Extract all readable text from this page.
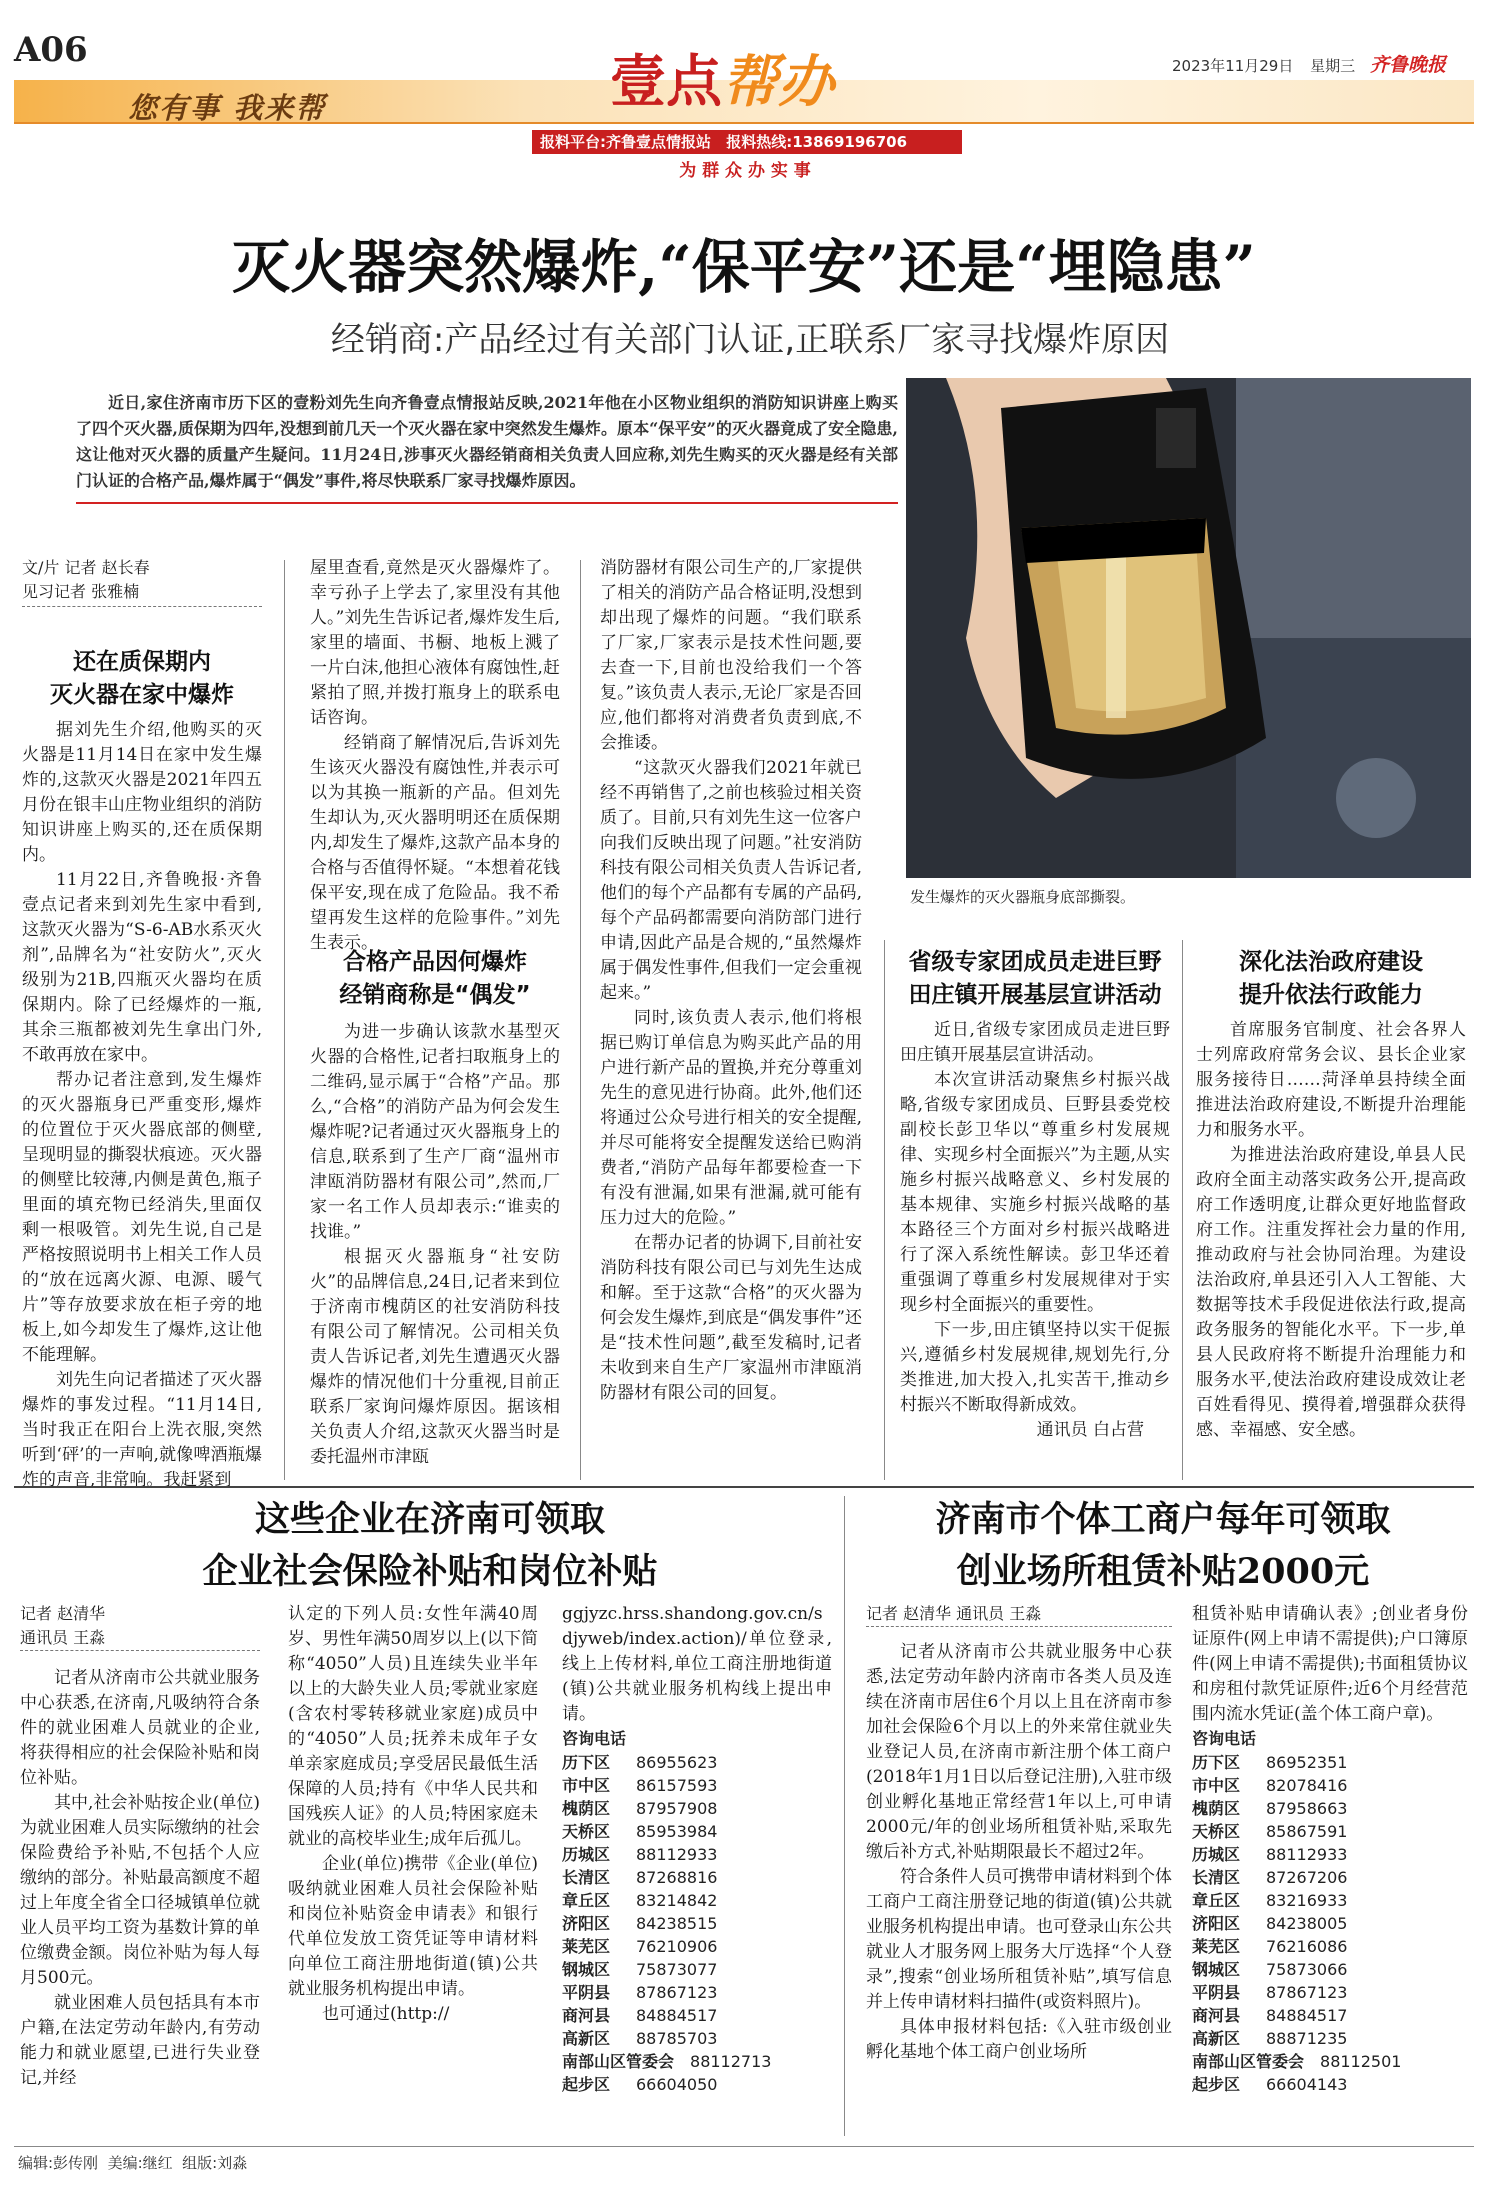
A06	2023年11月29日 星期三 齐鲁晚报
您有事 我来帮	壹点帮办
报料平台:齐鲁壹点情报站 报料热线:13869196706
为 群 众 办 实 事
灭火器突然爆炸,“保平安”还是“埋隐患”
经销商:产品经过有关部门认证,正联系厂家寻找爆炸原因

近日,家住济南市历下区的壹粉刘先生向齐鲁壹点情报站反映,2021年他在小区物业组织的消防知识讲座上购买了四个灭火器,质保期为四年,没想到前几天一个灭火器在家中突然发生爆炸。原本“保平安”的灭火器竟成了安全隐患,这让他对灭火器的质量产生疑问。11月24日,涉事灭火器经销商相关负责人回应称,刘先生购买的灭火器是经有关部门认证的合格产品,爆炸属于“偶发”事件,将尽快联系厂家寻找爆炸原因。

发生爆炸的灭火器瓶身底部撕裂。
文/片 记者 赵长春
见习记者 张雅楠
还在质保期内
灭火器在家中爆炸

据刘先生介绍,他购买的灭火器是11月14日在家中发生爆炸的,这款灭火器是2021年四五月份在银丰山庄物业组织的消防知识讲座上购买的,还在质保期内。

11月22日,齐鲁晚报·齐鲁壹点记者来到刘先生家中看到,这款灭火器为“S-6-AB水系灭火剂”,品牌名为“社安防火”,灭火级别为21B,四瓶灭火器均在质保期内。除了已经爆炸的一瓶,其余三瓶都被刘先生拿出门外,不敢再放在家中。

帮办记者注意到,发生爆炸的灭火器瓶身已严重变形,爆炸的位置位于灭火器底部的侧壁,呈现明显的撕裂状痕迹。灭火器的侧壁比较薄,内侧是黄色,瓶子里面的填充物已经消失,里面仅剩一根吸管。刘先生说,自己是严格按照说明书上相关工作人员的“放在远离火源、电源、暖气片”等存放要求放在柜子旁的地板上,如今却发生了爆炸,这让他不能理解。

刘先生向记者描述了灭火器爆炸的事发过程。“11月14日,当时我正在阳台上洗衣服,突然听到‘砰’的一声响,就像啤酒瓶爆炸的声音,非常响。我赶紧到

屋里查看,竟然是灭火器爆炸了。幸亏孙子上学去了,家里没有其他人。”刘先生告诉记者,爆炸发生后,家里的墙面、书橱、地板上溅了一片白沫,他担心液体有腐蚀性,赶紧拍了照,并拨打瓶身上的联系电话咨询。

经销商了解情况后,告诉刘先生该灭火器没有腐蚀性,并表示可以为其换一瓶新的产品。但刘先生却认为,灭火器明明还在质保期内,却发生了爆炸,这款产品本身的合格与否值得怀疑。“本想着花钱保平安,现在成了危险品。我不希望再发生这样的危险事件。”刘先生表示。

合格产品因何爆炸
经销商称是“偶发”

为进一步确认该款水基型灭火器的合格性,记者扫取瓶身上的二维码,显示属于“合格”产品。那么,“合格”的消防产品为何会发生爆炸呢?记者通过灭火器瓶身上的信息,联系到了生产厂商“温州市津瓯消防器材有限公司”,然而,厂家一名工作人员却表示:“谁卖的找谁。”

根据灭火器瓶身“社安防火”的品牌信息,24日,记者来到位于济南市槐荫区的社安消防科技有限公司了解情况。公司相关负责人告诉记者,刘先生遭遇灭火器爆炸的情况他们十分重视,目前正联系厂家询问爆炸原因。据该相关负责人介绍,这款灭火器当时是委托温州市津瓯

消防器材有限公司生产的,厂家提供了相关的消防产品合格证明,没想到却出现了爆炸的问题。“我们联系了厂家,厂家表示是技术性问题,要去查一下,目前也没给我们一个答复。”该负责人表示,无论厂家是否回应,他们都将对消费者负责到底,不会推诿。

“这款灭火器我们2021年就已经不再销售了,之前也核验过相关资质了。目前,只有刘先生这一位客户向我们反映出现了问题。”社安消防科技有限公司相关负责人告诉记者,他们的每个产品都有专属的产品码,每个产品码都需要向消防部门进行申请,因此产品是合规的,“虽然爆炸属于偶发性事件,但我们一定会重视起来。”

同时,该负责人表示,他们将根据已购订单信息为购买此产品的用户进行新产品的置换,并充分尊重刘先生的意见进行协商。此外,他们还将通过公众号进行相关的安全提醒,并尽可能将安全提醒发送给已购消费者,“消防产品每年都要检查一下有没有泄漏,如果有泄漏,就可能有压力过大的危险。”

在帮办记者的协调下,目前社安消防科技有限公司已与刘先生达成和解。至于这款“合格”的灭火器为何会发生爆炸,到底是“偶发事件”还是“技术性问题”,截至发稿时,记者未收到来自生产厂家温州市津瓯消防器材有限公司的回复。

省级专家团成员走进巨野
田庄镇开展基层宣讲活动

近日,省级专家团成员走进巨野田庄镇开展基层宣讲活动。

本次宣讲活动聚焦乡村振兴战略,省级专家团成员、巨野县委党校副校长彭卫华以“尊重乡村发展规律、实现乡村全面振兴”为主题,从实施乡村振兴战略意义、乡村发展的基本规律、实施乡村振兴战略的基本路径三个方面对乡村振兴战略进行了深入系统性解读。彭卫华还着重强调了尊重乡村发展规律对于实现乡村全面振兴的重要性。

下一步,田庄镇坚持以实干促振兴,遵循乡村发展规律,规划先行,分类推进,加大投入,扎实苦干,推动乡村振兴不断取得新成效。

通讯员 白占营

深化法治政府建设
提升依法行政能力

首席服务官制度、社会各界人士列席政府常务会议、县长企业家服务接待日……菏泽单县持续全面推进法治政府建设,不断提升治理能力和服务水平。

为推进法治政府建设,单县人民政府全面主动落实政务公开,提高政府工作透明度,让群众更好地监督政府工作。注重发挥社会力量的作用,推动政府与社会协同治理。为建设法治政府,单县还引入人工智能、大数据等技术手段促进依法行政,提高政务服务的智能化水平。下一步,单县人民政府将不断提升治理能力和服务水平,使法治政府建设成效让老百姓看得见、摸得着,增强群众获得感、幸福感、安全感。

这些企业在济南可领取
企业社会保险补贴和岗位补贴
记者 赵清华
通讯员 王淼

记者从济南市公共就业服务中心获悉,在济南,凡吸纳符合条件的就业困难人员就业的企业,将获得相应的社会保险补贴和岗位补贴。

其中,社会补贴按企业(单位)为就业困难人员实际缴纳的社会保险费给予补贴,不包括个人应缴纳的部分。补贴最高额度不超过上年度全省全口径城镇单位就业人员平均工资为基数计算的单位缴费金额。岗位补贴为每人每月500元。

就业困难人员包括具有本市户籍,在法定劳动年龄内,有劳动能力和就业愿望,已进行失业登记,并经

认定的下列人员:女性年满40周岁、男性年满50周岁以上(以下简称“4050”人员)且连续失业半年以上的大龄失业人员;零就业家庭(含农村零转移就业家庭)成员中的“4050”人员;抚养未成年子女单亲家庭成员;享受居民最低生活保障的人员;持有《中华人民共和国残疾人证》的人员;特困家庭未就业的高校毕业生;成年后孤儿。

企业(单位)携带《企业(单位)吸纳就业困难人员社会保险补贴和岗位补贴资金申请表》和银行代单位发放工资凭证等申请材料向单位工商注册地街道(镇)公共就业服务机构提出申请。

也可通过(http://

ggjyzc.hrss.shandong.gov.cn/sdjyweb/index.action)/单位登录,线上上传材料,单位工商注册地街道(镇)公共就业服务机构线上提出申请。

咨询电话
历下区	86955623
市中区	86157593
槐荫区	87957908
天桥区	85953984
历城区	88112933
长清区	87268816
章丘区	83214842
济阳区	84238515
莱芜区	76210906
钢城区	75873077
平阴县	87867123
商河县	84884517
高新区	88785703
南部山区管委会 88112713
起步区	66604050
济南市个体工商户每年可领取
创业场所租赁补贴2000元
记者 赵清华 通讯员 王淼

记者从济南市公共就业服务中心获悉,法定劳动年龄内济南市各类人员及连续在济南市居住6个月以上且在济南市参加社会保险6个月以上的外来常住就业失业登记人员,在济南市新注册个体工商户(2018年1月1日以后登记注册),入驻市级创业孵化基地正常经营1年以上,可申请2000元/年的创业场所租赁补贴,采取先缴后补方式,补贴期限最长不超过2年。

符合条件人员可携带申请材料到个体工商户工商注册登记地的街道(镇)公共就业服务机构提出申请。也可登录山东公共就业人才服务网上服务大厅选择“个人登录”,搜索“创业场所租赁补贴”,填写信息并上传申请材料扫描件(或资料照片)。

具体申报材料包括:《入驻市级创业孵化基地个体工商户创业场所

租赁补贴申请确认表》;创业者身份证原件(网上申请不需提供);户口簿原件(网上申请不需提供);书面租赁协议和房租付款凭证原件;近6个月经营范围内流水凭证(盖个体工商户章)。

咨询电话
历下区	86952351
市中区	82078416
槐荫区	87958663
天桥区	85867591
历城区	88112933
长清区	87267206
章丘区	83216933
济阳区	84238005
莱芜区	76216086
钢城区	75873066
平阴县	87867123
商河县	84884517
高新区	88871235
南部山区管委会 88112501
起步区	66604143
编辑:彭传刚  美编:继红  组版:刘淼
